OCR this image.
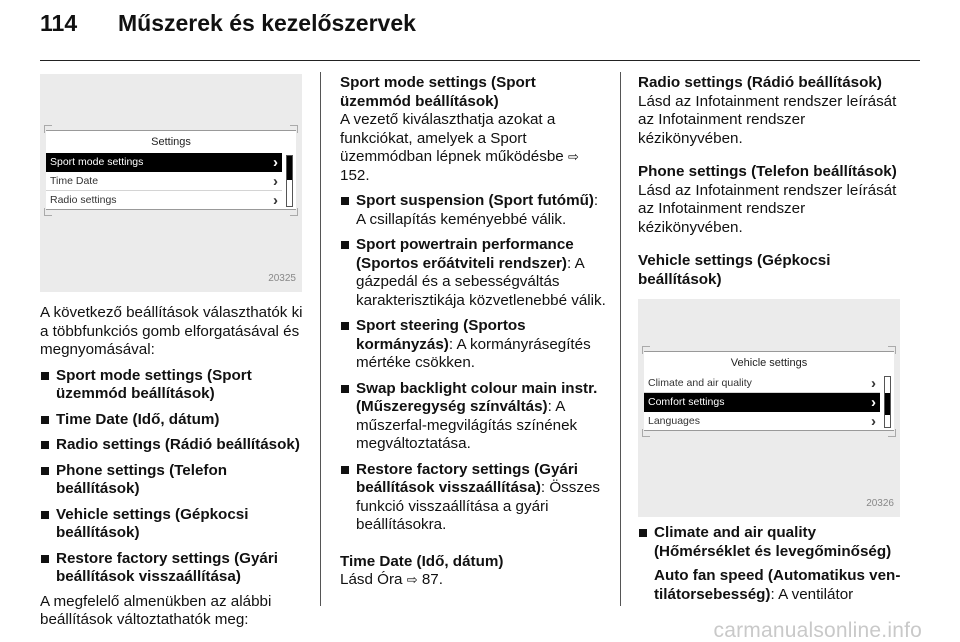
114	Műszerek és kezelőszervek
Settings
Sport mode settings	›
Time Date	›
Radio settings	›
20325

A következő beállítások választhatók ki a többfunkciós gomb elforgatásával és megnyomásával:

Sport mode settings (Sport üzemmód beállítások)
Time Date (Idő, dátum)
Radio settings (Rádió beállítások)
Phone settings (Telefon beállítások)
Vehicle settings (Gépkocsi beállítások)
Restore factory settings (Gyári beállítások visszaállítása)

A megfelelő almenükben az alábbi beállítások változtathatók meg:

Sport mode settings (Sport üzemmód beállítások)

A vezető kiválaszthatja azokat a funkciókat, amelyek a Sport üzemmódban lépnek működésbe ⇨ 152.

Sport suspension (Sport futómű): A csillapítás keményebbé válik.
Sport powertrain performance (Sportos erőátviteli rendszer): A gázpedál és a sebességváltás karakterisztikája közvetlenebbé válik.
Sport steering (Sportos kormányzás): A kormányrásegítés mértéke csökken.
Swap backlight colour main instr. (Műszeregység színváltás): A műszerfal-megvilágítás színének megváltoztatása.
Restore factory settings (Gyári beállítások visszaállítása): Összes funkció visszaállítása a gyári beállításokra.

Time Date (Idő, dátum)

Lásd Óra ⇨ 87.

Radio settings (Rádió beállítások)

Lásd az Infotainment rendszer leírását az Infotainment rendszer kézikönyvében.

Phone settings (Telefon beállítások)

Lásd az Infotainment rendszer leírását az Infotainment rendszer kézikönyvében.

Vehicle settings (Gépkocsi beállítások)

Vehicle settings
Climate and air quality	›
Comfort settings	›
Languages	›
20326
Climate and air quality (Hőmérséklet és levegőminőség)

Auto fan speed (Automatikus ven-tilátorsebesség): A ventilátor

carmanualsonline.info
